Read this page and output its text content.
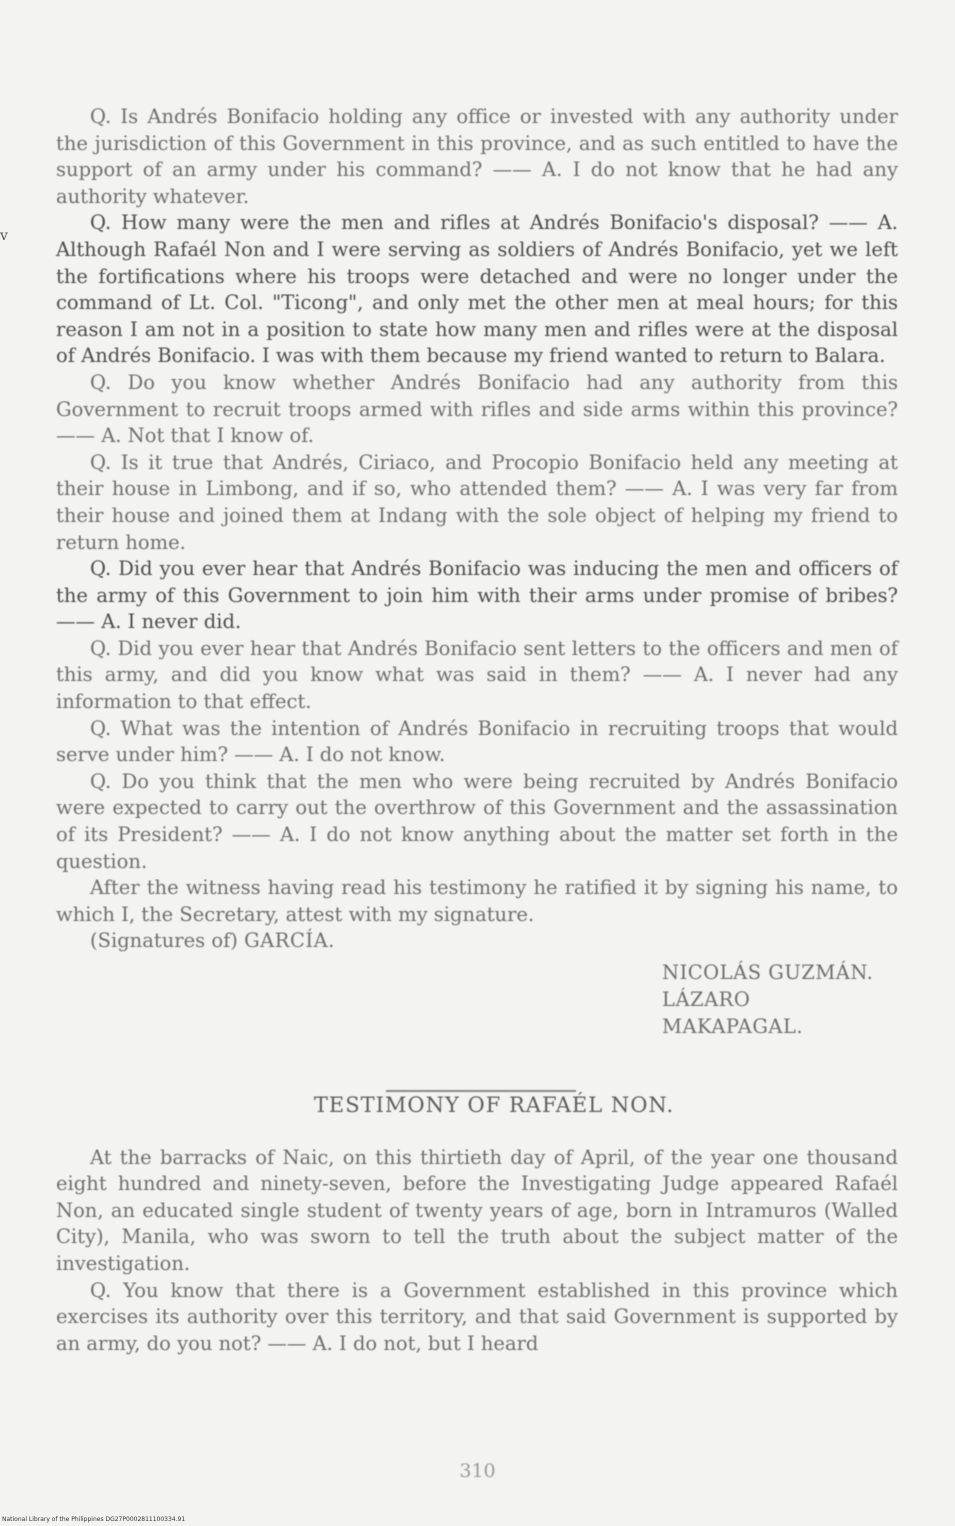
v

Q. Is Andrés Bonifacio holding any office or invested with any authority under the jurisdiction of this Government in this province, and as such entitled to have the support of an army under his command? —— A. I do not know that he had any authority whatever.

Q. How many were the men and rifles at Andrés Bonifacio's disposal? —— A. Although Rafaél Non and I were serving as soldiers of Andrés Bonifacio, yet we left the fortifications where his troops were detached and were no longer under the command of Lt. Col. "Ticong", and only met the other men at meal hours; for this reason I am not in a position to state how many men and rifles were at the disposal of Andrés Bonifacio. I was with them because my friend wanted to return to Balara.

Q. Do you know whether Andrés Bonifacio had any authority from this Government to recruit troops armed with rifles and side arms within this province? —— A. Not that I know of.

Q. Is it true that Andrés, Ciriaco, and Procopio Bonifacio held any meeting at their house in Limbong, and if so, who attended them? —— A. I was very far from their house and joined them at Indang with the sole object of helping my friend to return home.

Q. Did you ever hear that Andrés Bonifacio was inducing the men and officers of the army of this Government to join him with their arms under promise of bribes? —— A. I never did.

Q. Did you ever hear that Andrés Bonifacio sent letters to the officers and men of this army, and did you know what was said in them? —— A. I never had any information to that effect.

Q. What was the intention of Andrés Bonifacio in recruiting troops that would serve under him? —— A. I do not know.

Q. Do you think that the men who were being recruited by Andrés Bonifacio were expected to carry out the overthrow of this Government and the assassination of its President? —— A. I do not know anything about the matter set forth in the question.

After the witness having read his testimony he ratified it by signing his name, to which I, the Secretary, attest with my signature.

(Signatures of) GARCÍA.

NICOLÁS GUZMÁN.
LÁZARO MAKAPAGAL.

TESTIMONY OF RAFAÉL NON.

At the barracks of Naic, on this thirtieth day of April, of the year one thousand eight hundred and ninety-seven, before the Investigating Judge appeared Rafaél Non, an educated single student of twenty years of age, born in Intramuros (Walled City), Manila, who was sworn to tell the truth about the subject matter of the investigation.

Q. You know that there is a Government established in this province which exercises its authority over this territory, and that said Government is supported by an army, do you not? —— A. I do not, but I heard

310
National Library of the Philippines DG27P0002811100334.91
